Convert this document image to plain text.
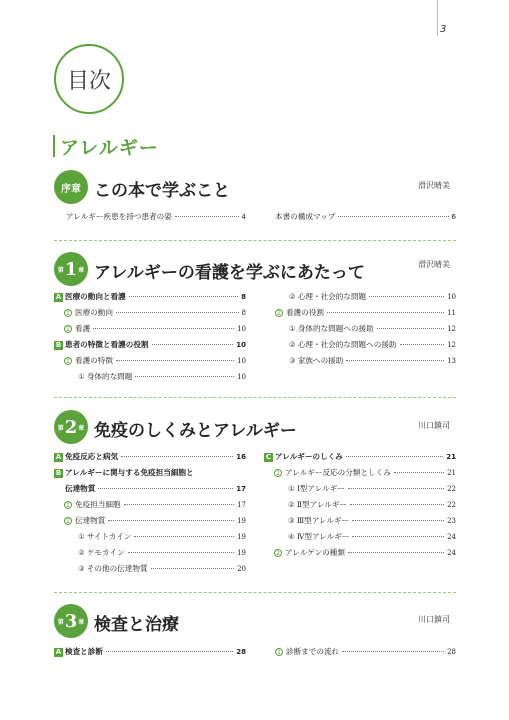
3
目次
アレルギー
序章 この本で学ぶこと	滑沢晴美
アレルギー疾患を持つ患者の姿	4	本書の構成マップ	6
第 1 章 アレルギーの看護を学ぶにあたって	滑沢晴美
A 医療の動向と看護	8
1 医療の動向	8
2 看護	10
B 患者の特徴と看護の役割	10
1 看護の特徴	10
① 身体的な問題	10
② 心理・社会的な問題	10
2 看護の役割	11
① 身体的な問題への援助	12
② 心理・社会的な問題への援助	12
③ 家族への援助	13
第 2 章 免疫のしくみとアレルギー	川口鎮司
A 免疫反応と病気	16
B アレルギーに関与する免疫担当細胞と
伝達物質	17
1 免疫担当細胞	17
2 伝達物質	19
① サイトカイン	19
② ケモカイン	19
③ その他の伝達物質	20
C アレルギーのしくみ	21
1 アレルギー反応の分類としくみ	21
① Ⅰ型アレルギー	22
② Ⅱ型アレルギー	22
③ Ⅲ型アレルギー	23
④ Ⅳ型アレルギー	24
2 アレルゲンの種類	24
第 3 章 検査と治療	川口鎮司
A 検査と診断	28	1 診断までの流れ	28
